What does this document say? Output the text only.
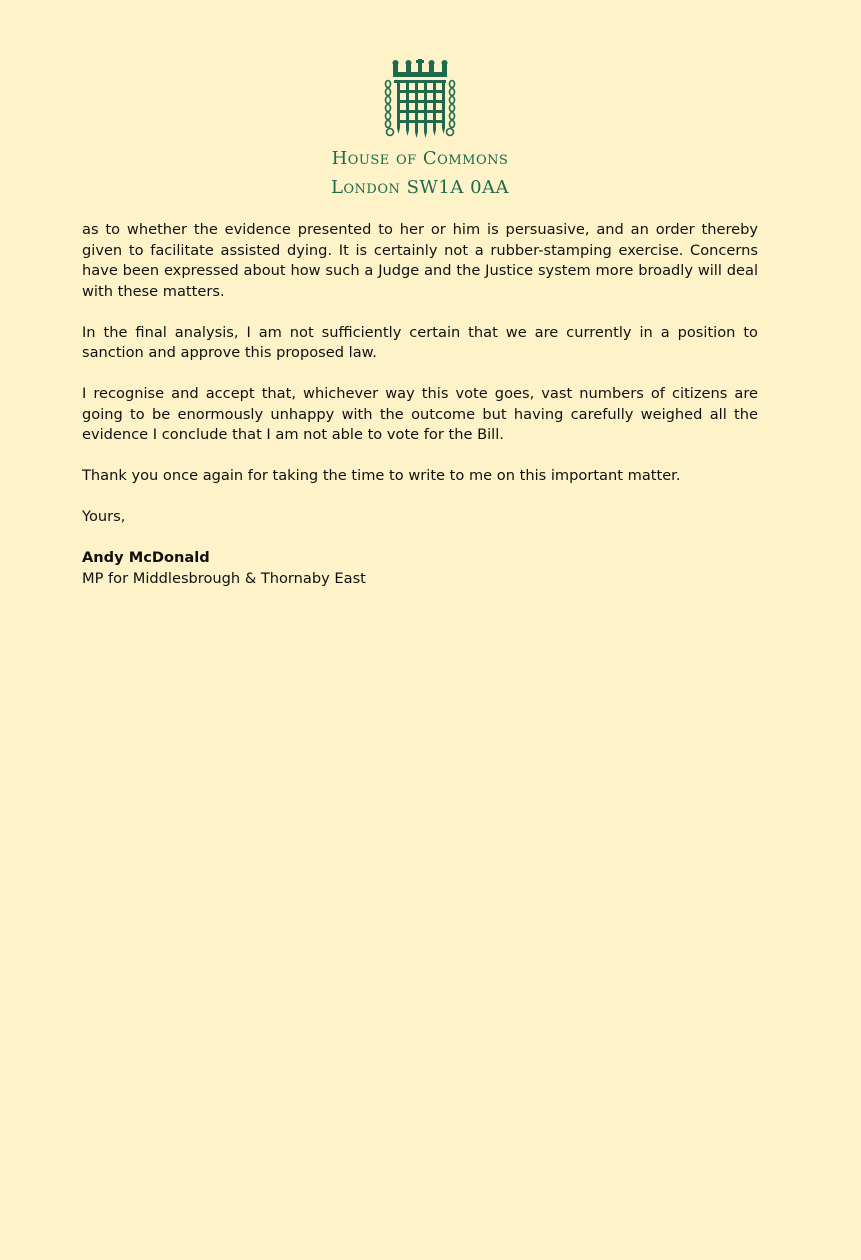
House of Commons
London SW1A 0AA

as to whether the evidence presented to her or him is persuasive, and an order thereby given to facilitate assisted dying. It is certainly not a rubber-stamping exercise. Concerns have been expressed about how such a Judge and the Justice system more broadly will deal with these matters.

In the final analysis, I am not sufficiently certain that we are currently in a position to sanction and approve this proposed law.

I recognise and accept that, whichever way this vote goes, vast numbers of citizens are going to be enormously unhappy with the outcome but having carefully weighed all the evidence I conclude that I am not able to vote for the Bill.

Thank you once again for taking the time to write to me on this important matter.

Yours,

Andy McDonald
MP for Middlesbrough & Thornaby East
